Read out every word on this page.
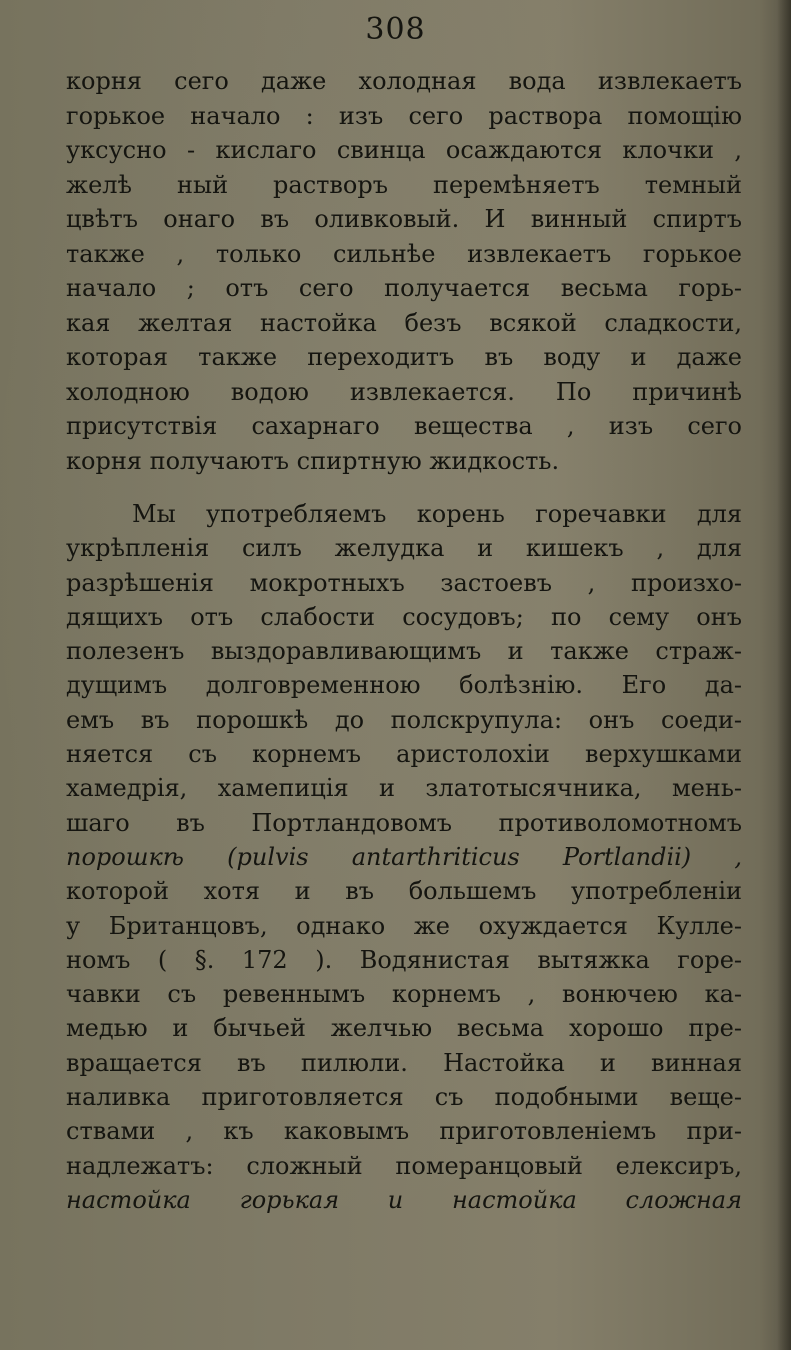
308
корня сего даже холодная вода извлекаетъ
горькое начало : изъ сего раствора помощію
уксусно - кислаго свинца осаждаются клочки ,
желѣ ный растворъ перемѣняетъ темный
цвѣтъ онаго въ оливковый. И винный спиртъ
также , только сильнѣе извлекаетъ горькое
начало ; отъ сего получается весьма горь-
кая желтая настойка безъ всякой сладкости,
которая также переходитъ въ воду и даже
холодною водою извлекается. По причинѣ
присутствія сахарнаго вещества , изъ сего
корня получаютъ спиртную жидкость.
Мы употребляемъ корень горечавки для
укрѣпленія силъ желудка и кишекъ , для
разрѣшенія мокротныхъ застоевъ , произхо-
дящихъ отъ слабости сосудовъ; по сему онъ
полезенъ выздоравливающимъ и также страж-
дущимъ долговременною болѣзнію. Его да-
емъ въ порошкѣ до полскрупула: онъ соеди-
няется съ корнемъ аристолохіи верхушками
хамедрія, хамепиція и златотысячника, мень-
шаго въ Портландовомъ противоломотномъ
порошкѣ (pulvis antarthriticus Portlandii) ,
которой хотя и въ большемъ употребленіи
у Британцовъ, однако же охуждается Куллe-
номъ ( §. 172 ). Водянистая вытяжка горе-
чавки съ ревеннымъ корнемъ , вонючею ка-
медью и бычьей желчью весьма хорошо пре-
вращается въ пилюли. Настойка и винная
наливка приготовляется съ подобными веще-
ствами , къ каковымъ приготовленіемъ при-
надлежатъ: сложный померанцовый елексиръ,
настойка горькая и настойка сложная
